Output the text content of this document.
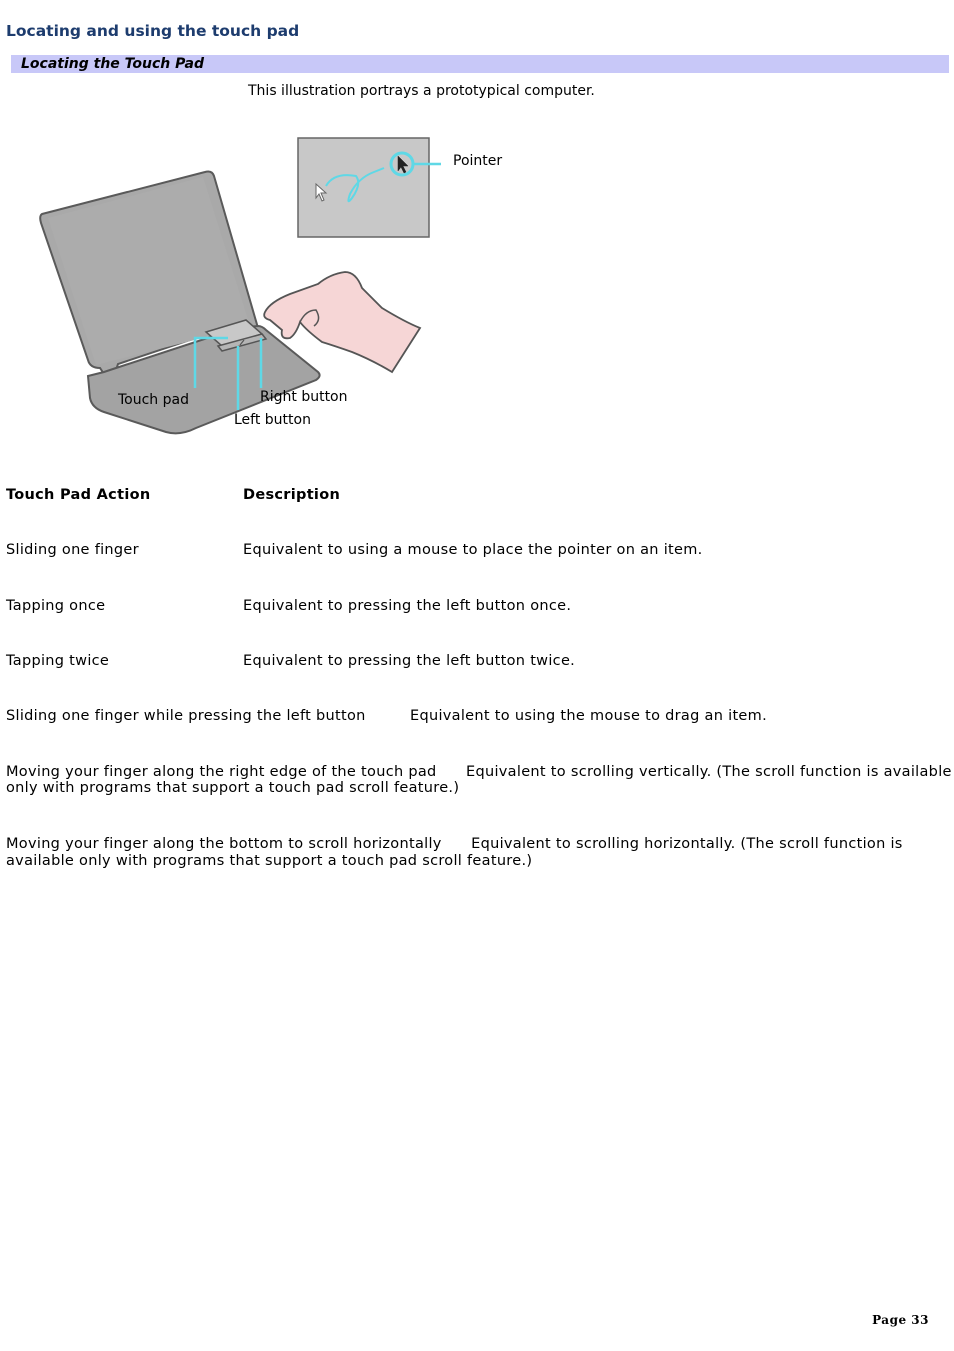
Locating and using the touch pad
Locating the Touch Pad
This illustration portrays a prototypical computer.
Pointer
Touch pad	Right button
Left button
Touch Pad Action	Description
Sliding one finger	Equivalent to using a mouse to place the pointer on an item.
Tapping once	Equivalent to pressing the left button once.
Tapping twice	Equivalent to pressing the left button twice.
Sliding one finger while pressing the left button	Equivalent to using the mouse to drag an item.
Moving your finger along the right edge of the touch pad      Equivalent to scrolling vertically. (The scroll function is available
only with programs that support a touch pad scroll feature.)
Moving your finger along the bottom to scroll horizontally      Equivalent to scrolling horizontally. (The scroll function is
available only with programs that support a touch pad scroll feature.)
Page 33
